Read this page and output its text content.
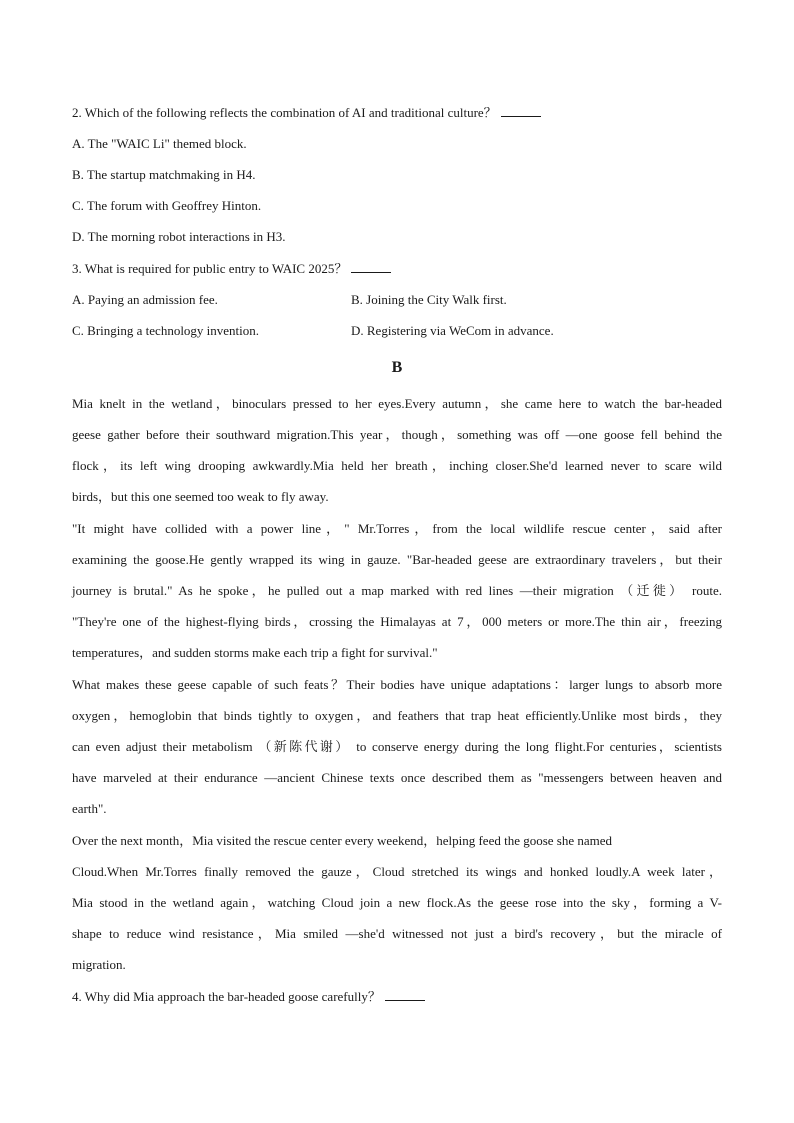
2. Which of the following reflects the combination of AI and traditional culture？
A. The "WAIC Li" themed block.
B. The startup matchmaking in H4.
C. The forum with Geoffrey Hinton.
D. The morning robot interactions in H3.
3. What is required for public entry to WAIC 2025？
A. Paying an admission fee.	B. Joining the City Walk first.
C. Bringing a technology invention.	D. Registering via WeCom in advance.
B
Mia knelt in the wetland，binoculars pressed to her eyes.Every autumn，she came here to watch the bar-headed
geese gather before their southward migration.This year，though，something was off —one goose fell behind the
flock，its left wing drooping awkwardly.Mia held her breath，inching closer.She'd learned never to scare wild
birds，but this one seemed too weak to fly away.
"It might have collided with a power line，" Mr.Torres，from the local wildlife rescue center，said after
examining the goose.He gently wrapped its wing in gauze. "Bar-headed geese are extraordinary travelers，but their
journey is brutal." As he spoke，he pulled out a map marked with red lines —their migration （迁徙） route.
"They're one of the highest-flying birds，crossing the Himalayas at 7，000 meters or more.The thin air，freezing
temperatures，and sudden storms make each trip a fight for survival."
What makes these geese capable of such feats？Their bodies have unique adaptations：larger lungs to absorb more
oxygen，hemoglobin that binds tightly to oxygen，and feathers that trap heat efficiently.Unlike most birds，they
can even adjust their metabolism （新陈代谢） to conserve energy during the long flight.For centuries，scientists
have marveled at their endurance —ancient Chinese texts once described them as "messengers between heaven and
earth".
Over the next month，Mia visited the rescue center every weekend，helping feed the goose she named
Cloud.When Mr.Torres finally removed the gauze，Cloud stretched its wings and honked loudly.A week later，
Mia stood in the wetland again，watching Cloud join a new flock.As the geese rose into the sky，forming a V-
shape to reduce wind resistance，Mia smiled —she'd witnessed not just a bird's recovery，but the miracle of
migration.
4. Why did Mia approach the bar-headed goose carefully？
